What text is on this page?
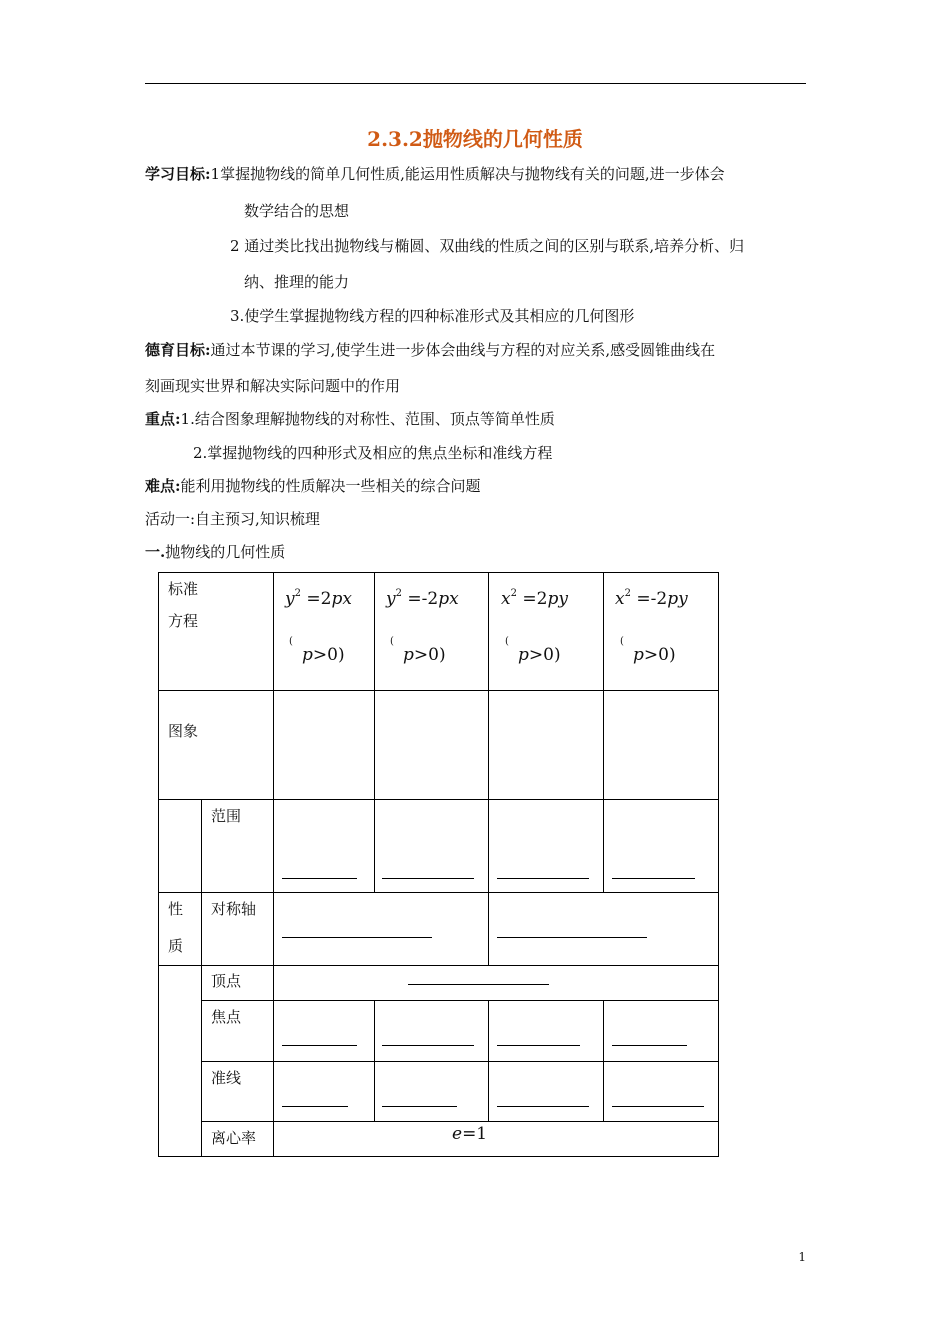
2.3.2抛物线的几何性质
学习目标:1掌握抛物线的简单几何性质,能运用性质解决与抛物线有关的问题,进一步体会
数学结合的思想
2 通过类比找出抛物线与椭圆、双曲线的性质之间的区别与联系,培养分析、归
纳、推理的能力
3.使学生掌握抛物线方程的四种标准形式及其相应的几何图形
德育目标:通过本节课的学习,使学生进一步体会曲线与方程的对应关系,感受圆锥曲线在
刻画现实世界和解决实际问题中的作用
重点:1.结合图象理解抛物线的对称性、范围、顶点等简单性质
2.掌握抛物线的四种形式及相应的焦点坐标和准线方程
难点:能利用抛物线的性质解决一些相关的综合问题
活动一:自主预习,知识梳理
一.抛物线的几何性质
标准
方程
图象
范围
性
质
对称轴
顶点
焦点
准线
离心率
$y^2 =2px$ $y^2 =-2px$ $x^2 =2py$	$x^2 =-2py$
(
p>0)
(
p>0)
(
p>0)
(
p>0)
e=1
1
